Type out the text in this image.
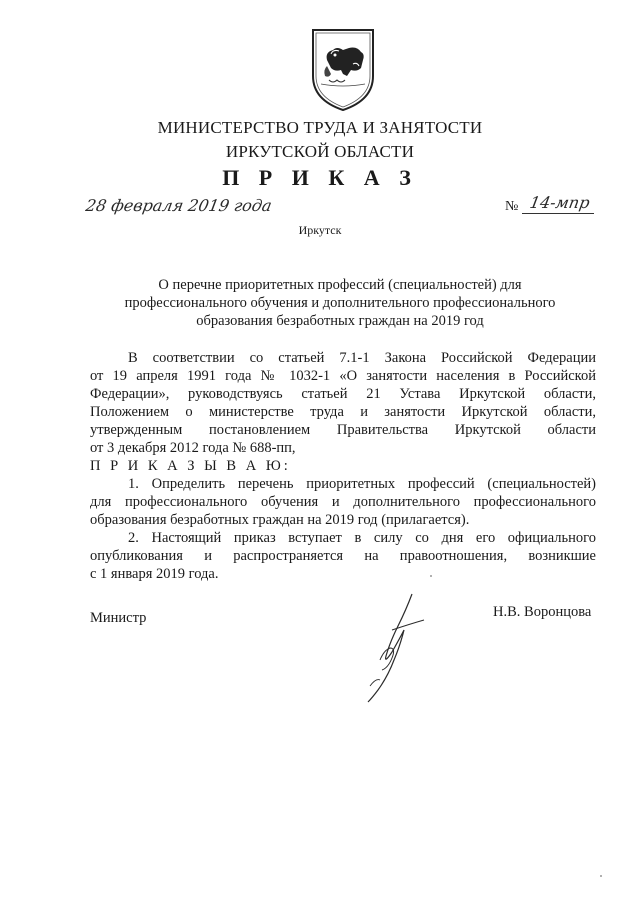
МИНИСТЕРСТВО ТРУДА И ЗАНЯТОСТИ
ИРКУТСКОЙ ОБЛАСТИ
П Р И К А З
28 февраля 2019 года	№ 14-мпр
Иркутск
О перечне приоритетных профессий (специальностей) для
профессионального обучения и дополнительного профессионального
образования безработных граждан на 2019 год
В соответствии со статьей 7.1-1 Закона Российской Федерации
от 19 апреля 1991 года № 1032-1 «О занятости населения в Российской
Федерации», руководствуясь статьей 21 Устава Иркутской области,
Положением о министерстве труда и занятости Иркутской области,
утвержденным постановлением Правительства Иркутской области
от 3 декабря 2012 года № 688-пп,
П Р И К А З Ы В А Ю:
1. Определить перечень приоритетных профессий (специальностей)
для профессионального обучения и дополнительного профессионального
образования безработных граждан на 2019 год (прилагается).
2. Настоящий приказ вступает в силу со дня его официального
опубликования и распространяется на правоотношения, возникшие
с 1 января 2019 года.
Министр	Н.В. Воронцова
